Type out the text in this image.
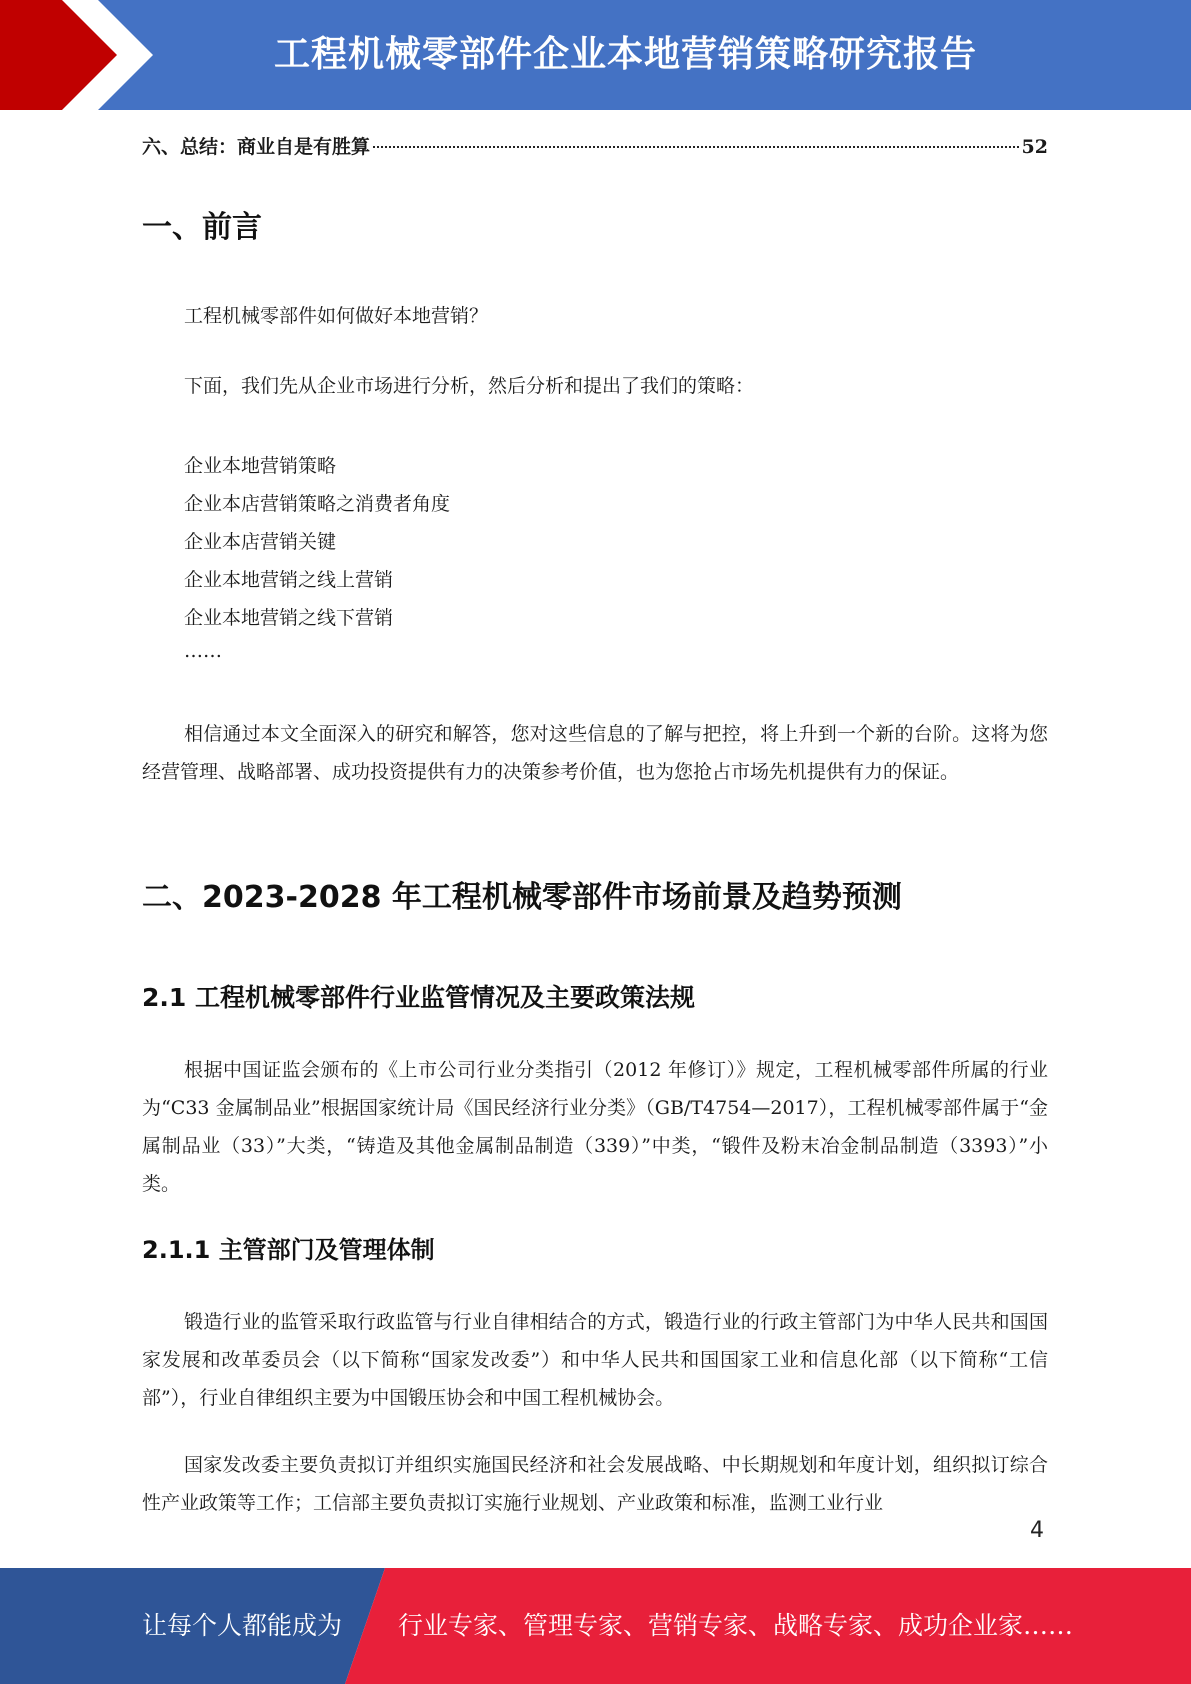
工程机械零部件企业本地营销策略研究报告
六、总结：商业自是有胜算	52
一、前言
工程机械零部件如何做好本地营销？
下面，我们先从企业市场进行分析，然后分析和提出了我们的策略：
企业本地营销策略
企业本店营销策略之消费者角度
企业本店营销关键
企业本地营销之线上营销
企业本地营销之线下营销
……
相信通过本文全面深入的研究和解答，您对这些信息的了解与把控，将上升到一个新的台阶。这将为您经营管理、战略部署、成功投资提供有力的决策参考价值，也为您抢占市场先机提供有力的保证。
二、2023-2028 年工程机械零部件市场前景及趋势预测
2.1 工程机械零部件行业监管情况及主要政策法规
根据中国证监会颁布的《上市公司行业分类指引（2012 年修订）》规定，工程机械零部件所属的行业为“C33 金属制品业”根据国家统计局《国民经济行业分类》（GB/T4754—2017），工程机械零部件属于“金属制品业（33）”大类，“铸造及其他金属制品制造（339）”中类，“锻件及粉末冶金制品制造（3393）”小类。
2.1.1 主管部门及管理体制
锻造行业的监管采取行政监管与行业自律相结合的方式，锻造行业的行政主管部门为中华人民共和国国家发展和改革委员会（以下简称“国家发改委”）和中华人民共和国国家工业和信息化部（以下简称“工信部”），行业自律组织主要为中国锻压协会和中国工程机械协会。
国家发改委主要负责拟订并组织实施国民经济和社会发展战略、中长期规划和年度计划，组织拟订综合性产业政策等工作；工信部主要负责拟订实施行业规划、产业政策和标准，监测工业行业
4
让每个人都能成为 行业专家、管理专家、营销专家、战略专家、成功企业家……
